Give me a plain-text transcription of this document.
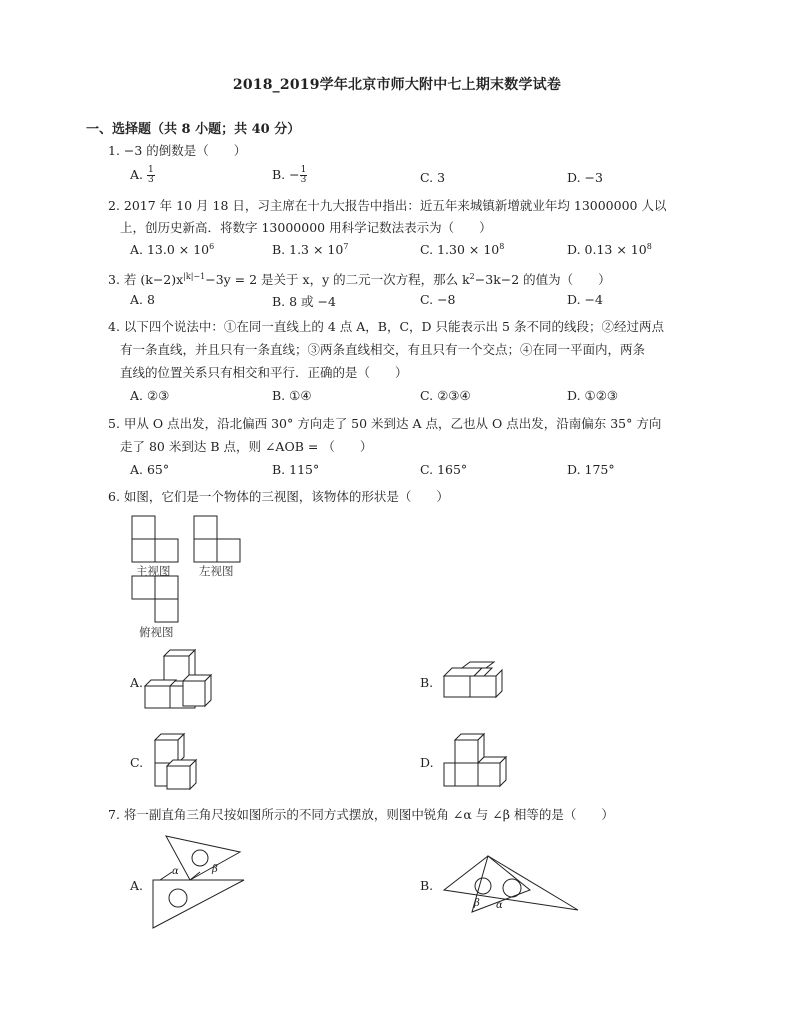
2018_2019学年北京市师大附中七上期末数学试卷
一、选择题（共 8 小题；共 40 分）
1. −3 的倒数是（　　）
A. $\frac{1}{3}$	B. − $\frac{1}{3}$	C. 3	D. −3
2. 2017 年 10 月 18 日，习主席在十九大报告中指出：近五年来城镇新增就业年均 13000000 人以
上，创历史新高．将数字 13000000 用科学记数法表示为（　　）
A. $13.0 \times 10^6$	B. $1.3 \times 10^7$	C. $1.30 \times 10^8$	D. $0.13 \times 10^8$
3. 若 $(k-2)x^{|k|-1}-3y = 2$ 是关于 x，y 的二元一次方程，那么 $k^2-3k-2$ 的值为（　　）
A. 8	B. 8 或 −4	C. −8	D. −4
4. 以下四个说法中：①在同一直线上的 4 点 A，B，C，D 只能表示出 5 条不同的线段；②经过两点
有一条直线，并且只有一条直线；③两条直线相交，有且只有一个交点；④在同一平面内，两条
直线的位置关系只有相交和平行．正确的是（　　）
A. ②③	B. ①④	C. ②③④	D. ①②③
5. 甲从 O 点出发，沿北偏西 30° 方向走了 50 米到达 A 点，乙也从 O 点出发，沿南偏东 35° 方向
走了 80 米到达 B 点，则 ∠AOB = （　　）
A. 65°	B. 115°	C. 165°	D. 175°
6. 如图，它们是一个物体的三视图，该物体的形状是（　　）
主视图 左视图
俯视图
A.	B.
C.	D.
7. 将一副直角三角尺按如图所示的不同方式摆放，则图中锐角 ∠α 与 ∠β 相等的是（　　）
A.	B.
α	β
β α
